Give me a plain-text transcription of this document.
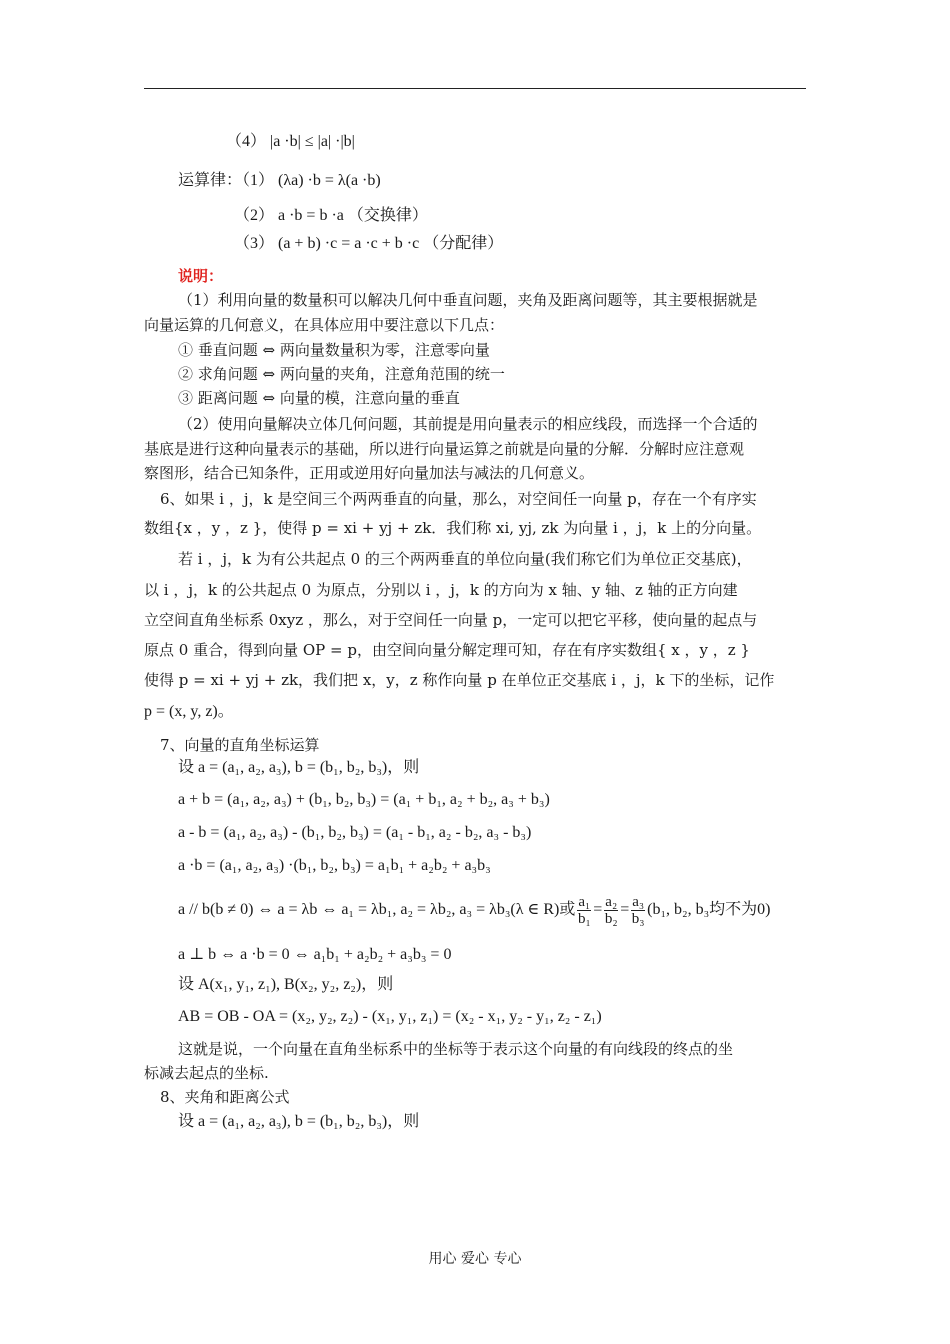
（4） |a ·b| ≤ |a| ·|b|
运算律：（1） (λa) ·b = λ(a ·b)
（2） a ·b = b ·a （交换律）
（3） (a + b) ·c = a ·c + b ·c （分配律）
说明：
（1）利用向量的数量积可以解决几何中垂直问题，夹角及距离问题等，其主要根据就是
向量运算的几何意义，在具体应用中要注意以下几点：
① 垂直问题 ⇔ 两向量数量积为零，注意零向量
② 求角问题 ⇔ 两向量的夹角，注意角范围的统一
③ 距离问题 ⇔ 向量的模，注意向量的垂直
（2）使用向量解决立体几何问题，其前提是用向量表示的相应线段，而选择一个合适的
基底是进行这种向量表示的基础，所以进行向量运算之前就是向量的分解．分解时应注意观
察图形，结合已知条件，正用或逆用好向量加法与减法的几何意义。
6、如果 i ，j，k 是空间三个两两垂直的向量，那么，对空间任一向量 p，存在一个有序实
数组{x ，y ，z }，使得 p = xi + yj + zk．我们称 xi, yj, zk 为向量 i ，j，k 上的分向量。
若 i ，j，k 为有公共起点 0 的三个两两垂直的单位向量(我们称它们为单位正交基底)，
以 i ，j，k 的公共起点 0 为原点，分别以 i ，j，k 的方向为 x 轴、y 轴、z 轴的正方向建
立空间直角坐标系 0xyz ，那么，对于空间任一向量 p，一定可以把它平移，使向量的起点与
原点 0 重合，得到向量 OP = p，由空间向量分解定理可知，存在有序实数组{ x ，y ，z }
使得 p = xi + yj + zk，我们把 x，y，z 称作向量 p 在单位正交基底 i ，j，k 下的坐标，记作
p = (x, y, z)。
7、向量的直角坐标运算
设 a = (a₁, a₂, a₃), b = (b₁, b₂, b₃)，则
a + b = (a₁, a₂, a₃) + (b₁, b₂, b₃) = (a₁ + b₁, a₂ + b₂, a₃ + b₃)
a - b = (a₁, a₂, a₃) - (b₁, b₂, b₃) = (a₁ - b₁, a₂ - b₂, a₃ - b₃)
a ·b = (a₁, a₂, a₃) ·(b₁, b₂, b₃) = a₁b₁ + a₂b₂ + a₃b₃
a // b(b ≠ 0) ⇔ a = λb ⇔ a₁ = λb₁, a₂ = λb₂, a₃ = λb₃(λ ∈ R)或 $\frac{\text{a₁}}{\text{b₁}} = \frac{\text{a₂}}{\text{b₂}} = \frac{\text{a₃}}{\text{b₃}} (b_1$, b₂, b₃均不为0)
a ⊥ b ⇔ a ·b = 0 ⇔ a₁b₁ + a₂b₂ + a₃b₃ = 0
设 A(x₁, y₁, z₁), B(x₂, y₂, z₂)，则
AB = OB - OA = (x₂, y₂, z₂) - (x₁, y₁, z₁) = (x₂ - x₁, y₂ - y₁, z₂ - z₁)
这就是说，一个向量在直角坐标系中的坐标等于表示这个向量的有向线段的终点的坐
标减去起点的坐标.
8、夹角和距离公式
设 a = (a₁, a₂, a₃), b = (b₁, b₂, b₃)，则
用心 爱心 专心
